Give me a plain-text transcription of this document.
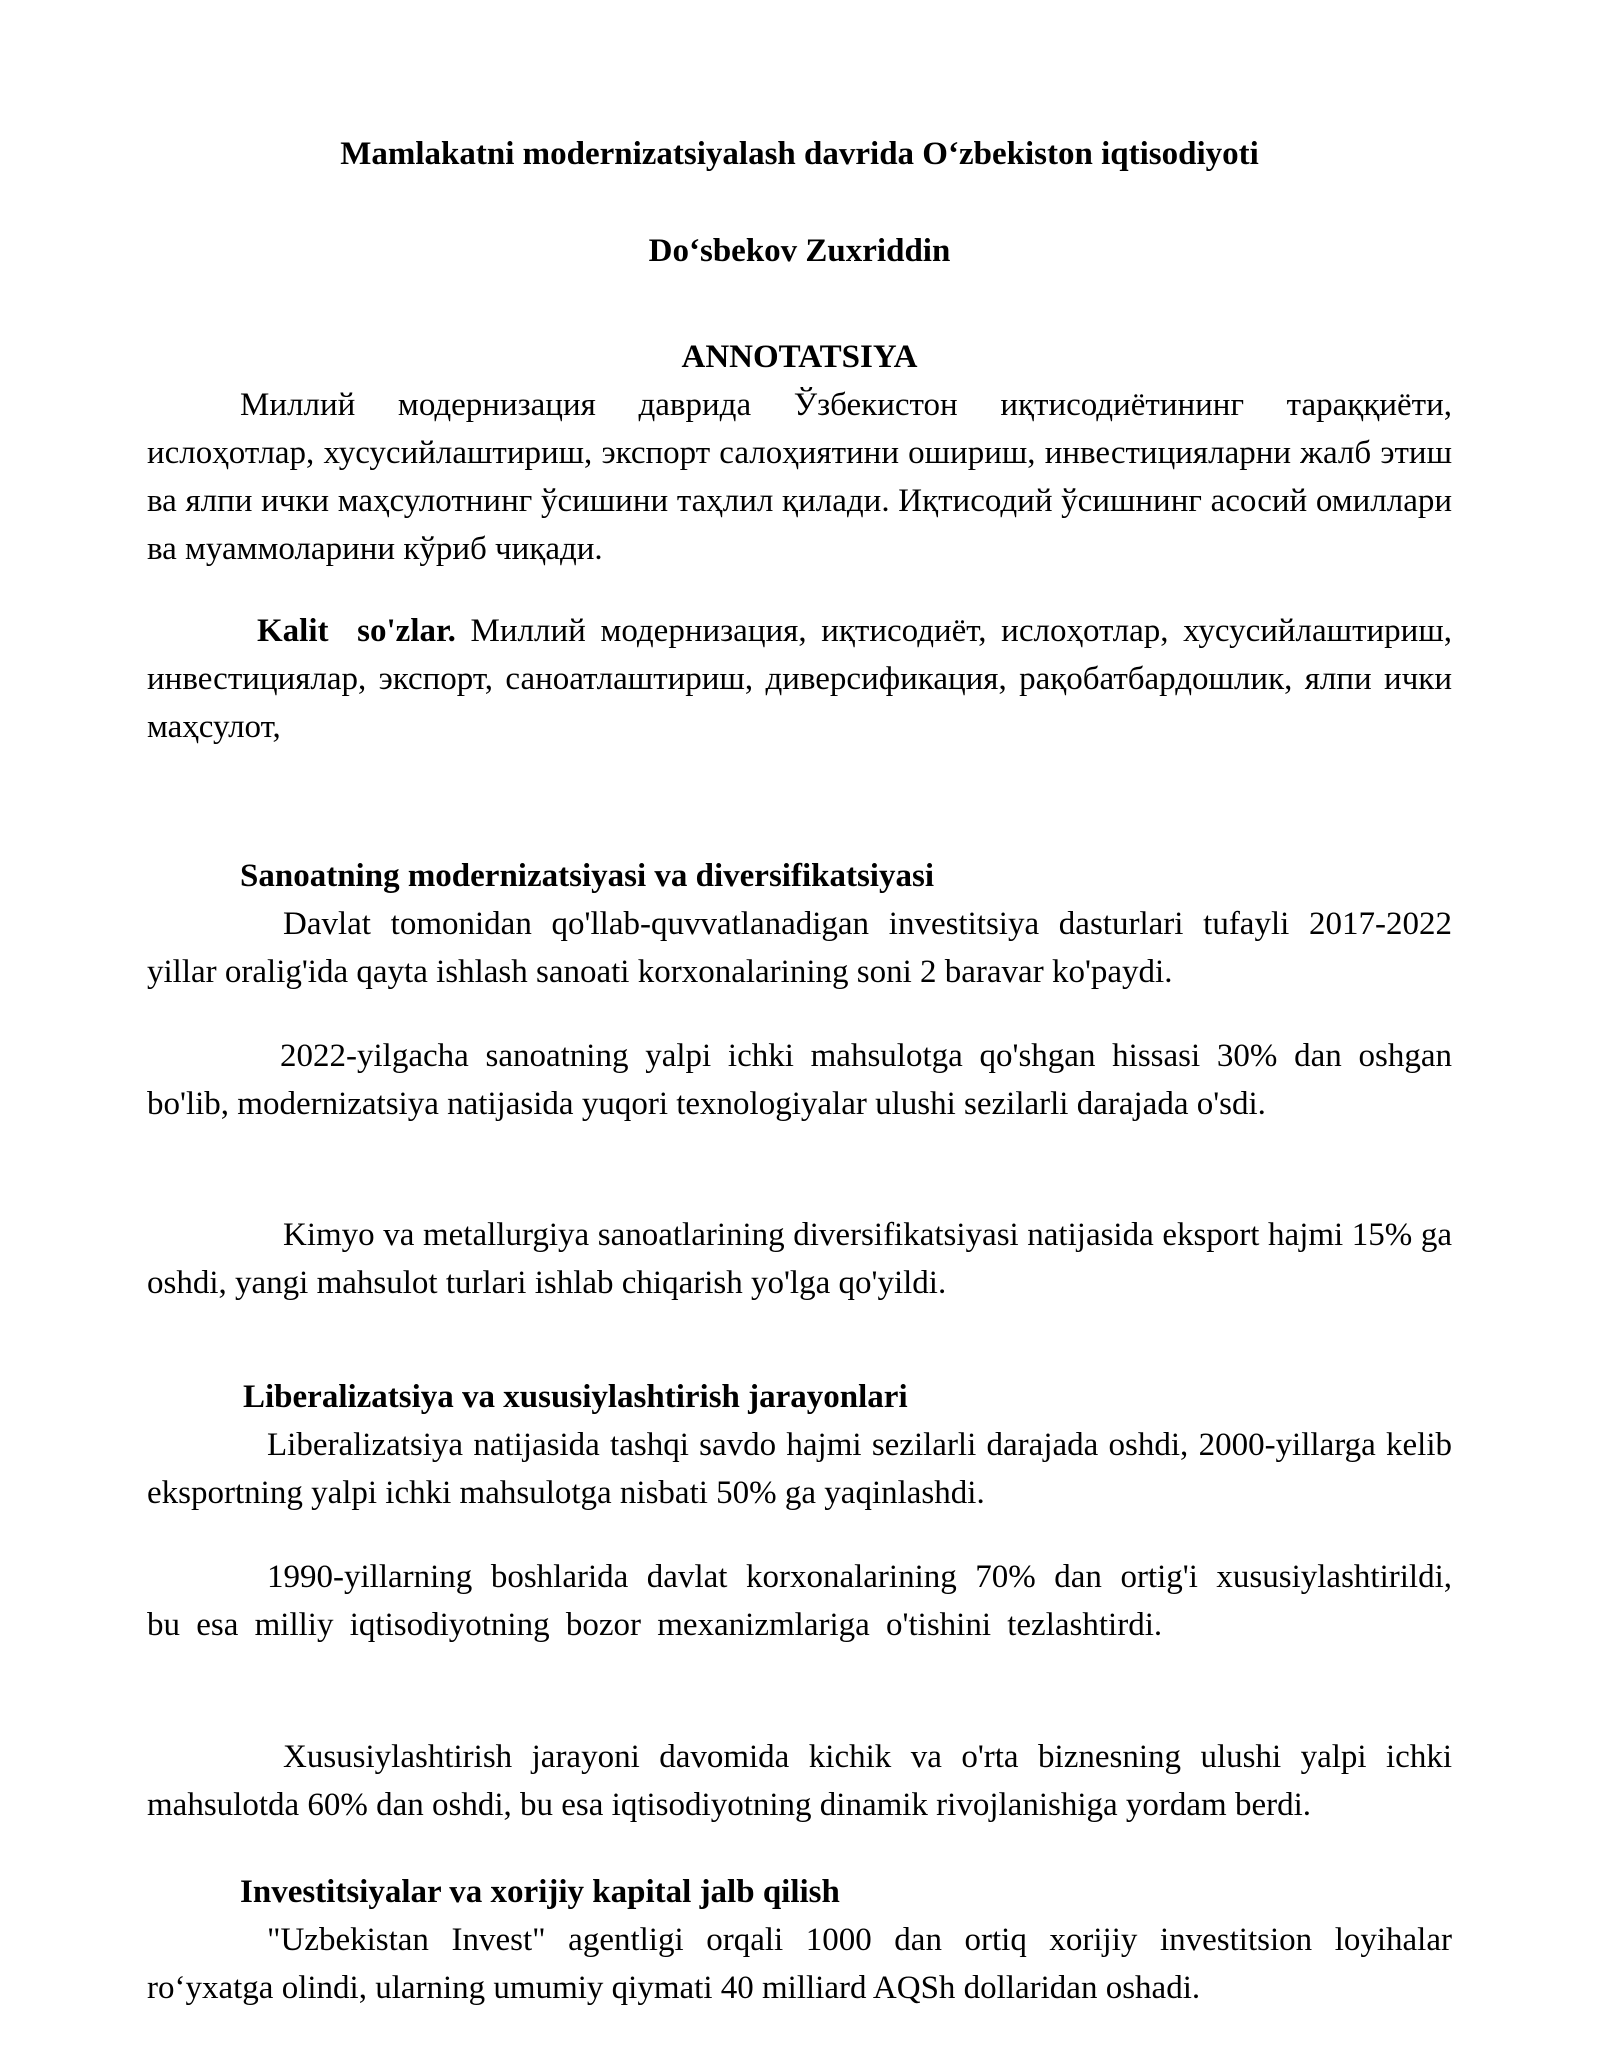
Mamlakatni modernizatsiyalash davrida O‘zbekiston iqtisodiyoti
Do‘sbekov Zuxriddin
ANNOTATSIYA
Миллий модернизация даврида Ўзбекистон иқтисодиётининг тараққиёти, ислоҳотлар, хусусийлаштириш, экспорт салоҳиятини ошириш, инвестицияларни жалб этиш ва ялпи ички маҳсулотнинг ўсишини таҳлил қилади. Иқтисодий ўсишнинг асосий омиллари ва муаммоларини кўриб чиқади.
Kalit so'zlar. Миллий модернизация, иқтисодиёт, ислоҳотлар, хусусийлаштириш, инвестициялар, экспорт, саноатлаштириш, диверсификация, рақобатбардошлик, ялпи ички маҳсулот,
Sanoatning modernizatsiyasi va diversifikatsiyasi
Davlat tomonidan qo'llab-quvvatlanadigan investitsiya dasturlari tufayli 2017-2022 yillar oralig'ida qayta ishlash sanoati korxonalarining soni 2 baravar ko'paydi.
2022-yilgacha sanoatning yalpi ichki mahsulotga qo'shgan hissasi 30% dan oshgan bo'lib, modernizatsiya natijasida yuqori texnologiyalar ulushi sezilarli darajada o'sdi.
Kimyo va metallurgiya sanoatlarining diversifikatsiyasi natijasida eksport hajmi 15% ga oshdi, yangi mahsulot turlari ishlab chiqarish yo'lga qo'yildi.
Liberalizatsiya va xususiylashtirish jarayonlari
Liberalizatsiya natijasida tashqi savdo hajmi sezilarli darajada oshdi, 2000-yillarga kelib eksportning yalpi ichki mahsulotga nisbati 50% ga yaqinlashdi.
1990-yillarning boshlarida davlat korxonalarining 70% dan ortig'i xususiylashtirildi, bu esa milliy iqtisodiyotning bozor mexanizmlariga o'tishini tezlashtirdi.
Xususiylashtirish jarayoni davomida kichik va o'rta biznesning ulushi yalpi ichki mahsulotda 60% dan oshdi, bu esa iqtisodiyotning dinamik rivojlanishiga yordam berdi.
Investitsiyalar va xorijiy kapital jalb qilish
"Uzbekistan Invest" agentligi orqali 1000 dan ortiq xorijiy investitsion loyihalar ro‘yxatga olindi, ularning umumiy qiymati 40 milliard AQSh dollaridan oshadi.
